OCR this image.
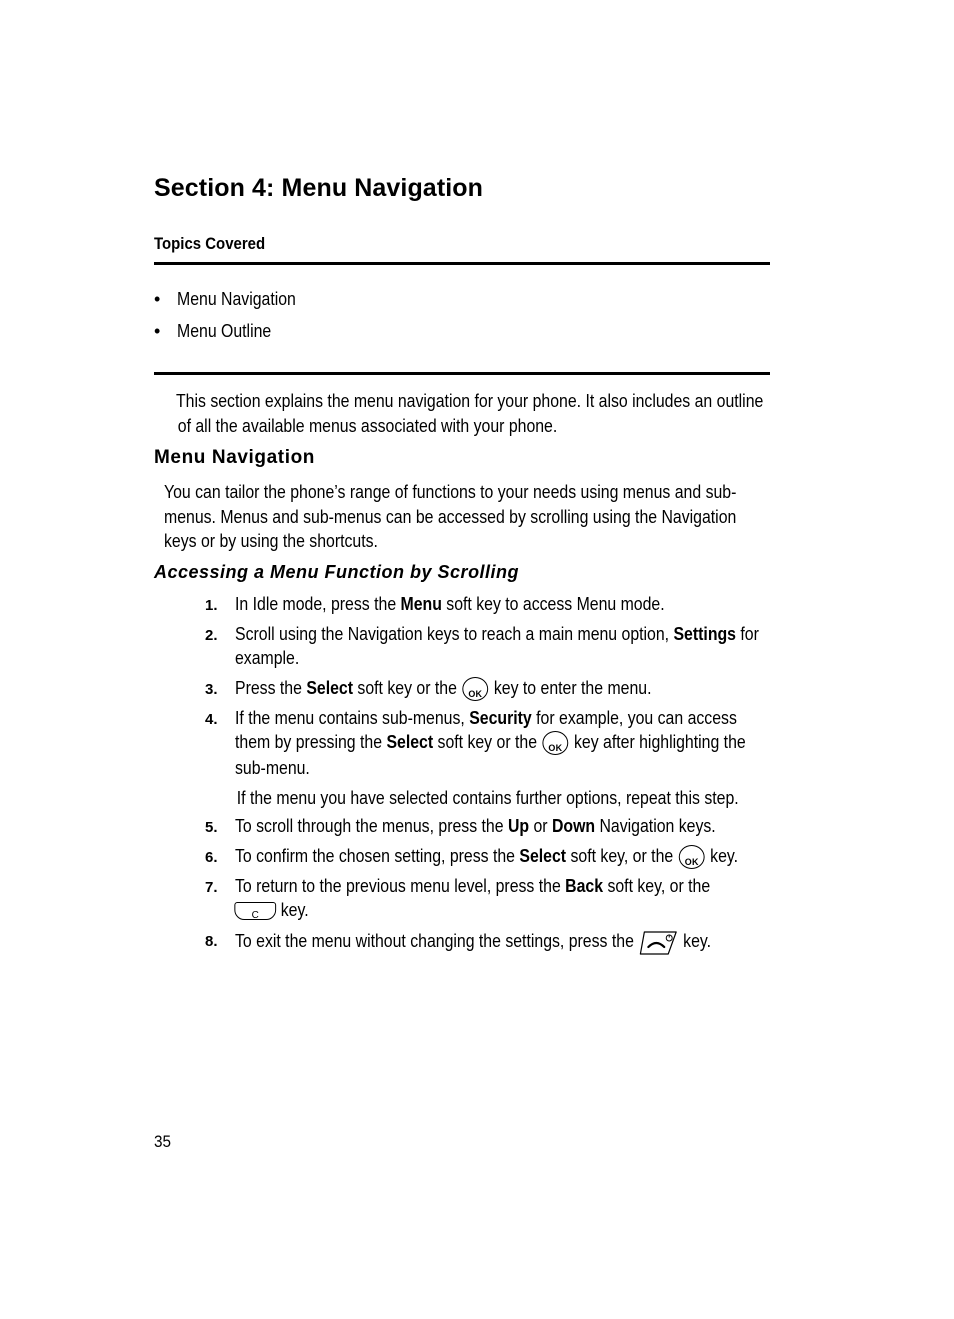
Section 4: Menu Navigation
Topics Covered
• Menu Navigation
• Menu Outline
This section explains the menu navigation for your phone. It also includes an outline
of all the available menus associated with your phone.
Menu Navigation
You can tailor the phone’s range of functions to your needs using menus and sub-
menus. Menus and sub-menus can be accessed by scrolling using the Navigation
keys or by using the shortcuts.
Accessing a Menu Function by Scrolling
1. In Idle mode, press the Menu soft key to access Menu mode.
2. Scroll using the Navigation keys to reach a main menu option, Settings for
example.
3. Press the Select soft key or the OK key to enter the menu.
4. If the menu contains sub-menus, Security for example, you can access
them by pressing the Select soft key or the OK key after highlighting the
sub-menu.
If the menu you have selected contains further options, repeat this step.
5. To scroll through the menus, press the Up or Down Navigation keys.
6. To confirm the chosen setting, press the Select soft key, or the OK key.
7. To return to the previous menu level, press the Back soft key, or the
C key.
8. To exit the menu without changing the settings, press the  key.

35
